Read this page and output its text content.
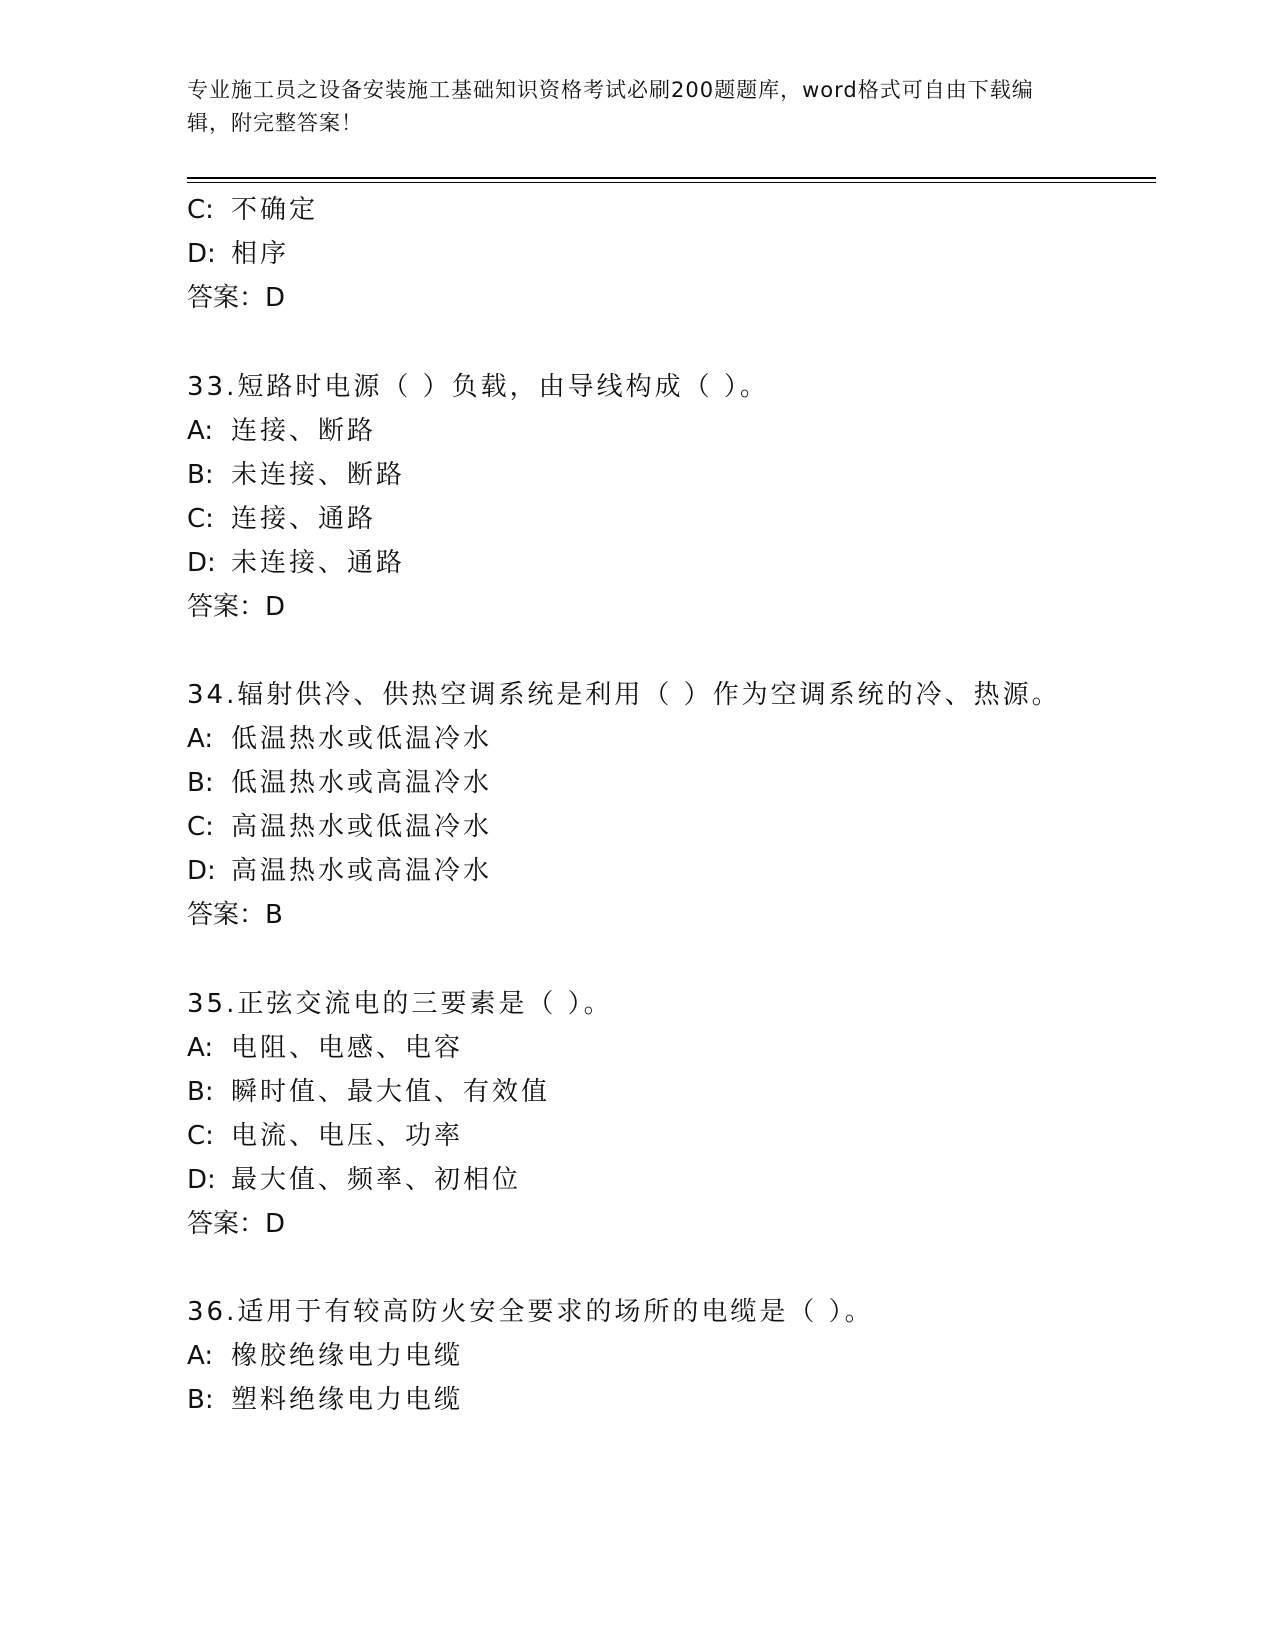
专业施工员之设备安装施工基础知识资格考试必刷200题题库，word格式可自由下载编辑，附完整答案！
C: 不确定
D: 相序
答案：D
33.短路时电源（ ）负载，由导线构成（ ）。
A: 连接、断路
B: 未连接、断路
C: 连接、通路
D: 未连接、通路
答案：D
34.辐射供冷、供热空调系统是利用（ ）作为空调系统的冷、热源。
A: 低温热水或低温冷水
B: 低温热水或高温冷水
C: 高温热水或低温冷水
D: 高温热水或高温冷水
答案：B
35.正弦交流电的三要素是（ ）。
A: 电阻、电感、电容
B: 瞬时值、最大值、有效值
C: 电流、电压、功率
D: 最大值、频率、初相位
答案：D
36.适用于有较高防火安全要求的场所的电缆是（ ）。
A: 橡胶绝缘电力电缆
B: 塑料绝缘电力电缆
